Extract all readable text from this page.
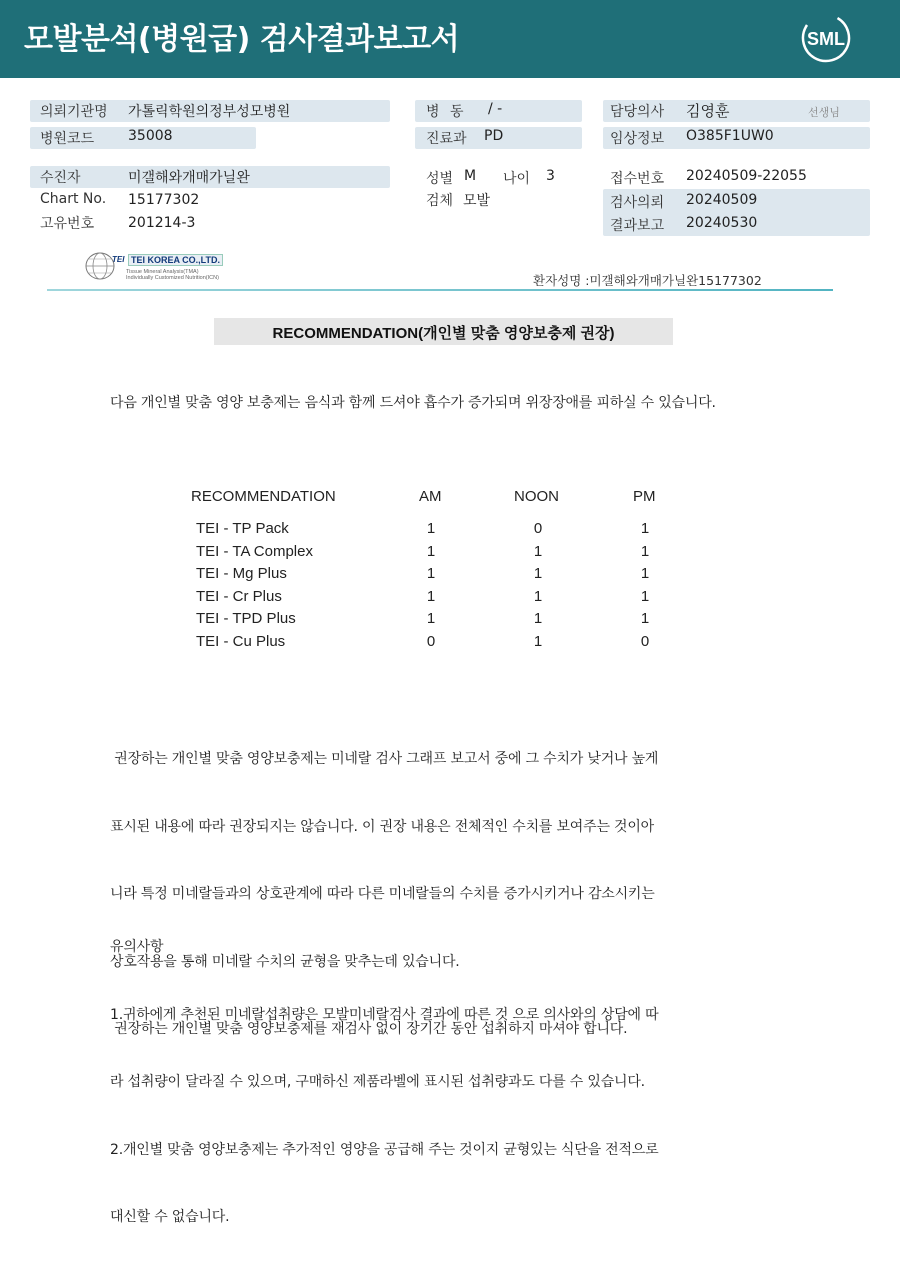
모발분석(병원급) 검사결과보고서	SML
의뢰기관명 가톨릭학원의정부성모병원	병 동 / -	담당의사 김영훈	선생님
병원코드 35008	진료과 PD	임상정보 O385F1UW0
수진자	미갤해와개매가닐완	성별 M 나이 3	접수번호 20240509-22055
Chart No. 15177302	검체 모발	검사의뢰 20240509
고유번호 201214-3	결과보고 20240530
TEI TEI KOREA CO.,LTD.
Tissue Mineral Analysis(TMA)
Individually Customized Nutrition(ICN)	환자성명 :미갤해와개매가닐완15177302
RECOMMENDATION(개인별 맞춤 영양보충제 권장)
다음 개인별 맞춤 영양 보충제는 음식과 함께 드셔야 흡수가 증가되며 위장장애를 피하실 수 있습니다.
RECOMMENDATION	AM	NOON	PM
TEI - TP Pack	1	0	1
TEI - TA Complex	1	1	1
TEI - Mg Plus	1	1	1
TEI - Cr Plus	1	1	1
TEI - TPD Plus	1	1	1
TEI - Cu Plus	0	1	0

권장하는 개인별 맞춤 영양보충제는 미네랄 검사 그래프 보고서 중에 그 수치가 낮거나 높게

표시된 내용에 따라 권장되지는 않습니다. 이 권장 내용은 전체적인 수치를 보여주는 것이아

니라 특정 미네랄들과의 상호관계에 따라 다른 미네랄들의 수치를 증가시키거나 감소시키는

상호작용을 통해 미네랄 수치의 균형을 맞추는데 있습니다.

권장하는 개인별 맞춤 영양보충제를 재검사 없이 장기간 동안 섭취하지 마셔야 합니다.

유의사항

1.귀하에게 추천된 미네랄섭취량은 모발미네랄검사 결과에 따른 것 으로 의사와의 상담에 따

라 섭취량이 달라질 수 있으며, 구매하신 제품라벨에 표시된 섭취량과도 다를 수 있습니다.

2.개인별 맞춤 영양보충제는 추가적인 영양을 공급해 주는 것이지 균형있는 식단을 전적으로

대신할 수 없습니다.
